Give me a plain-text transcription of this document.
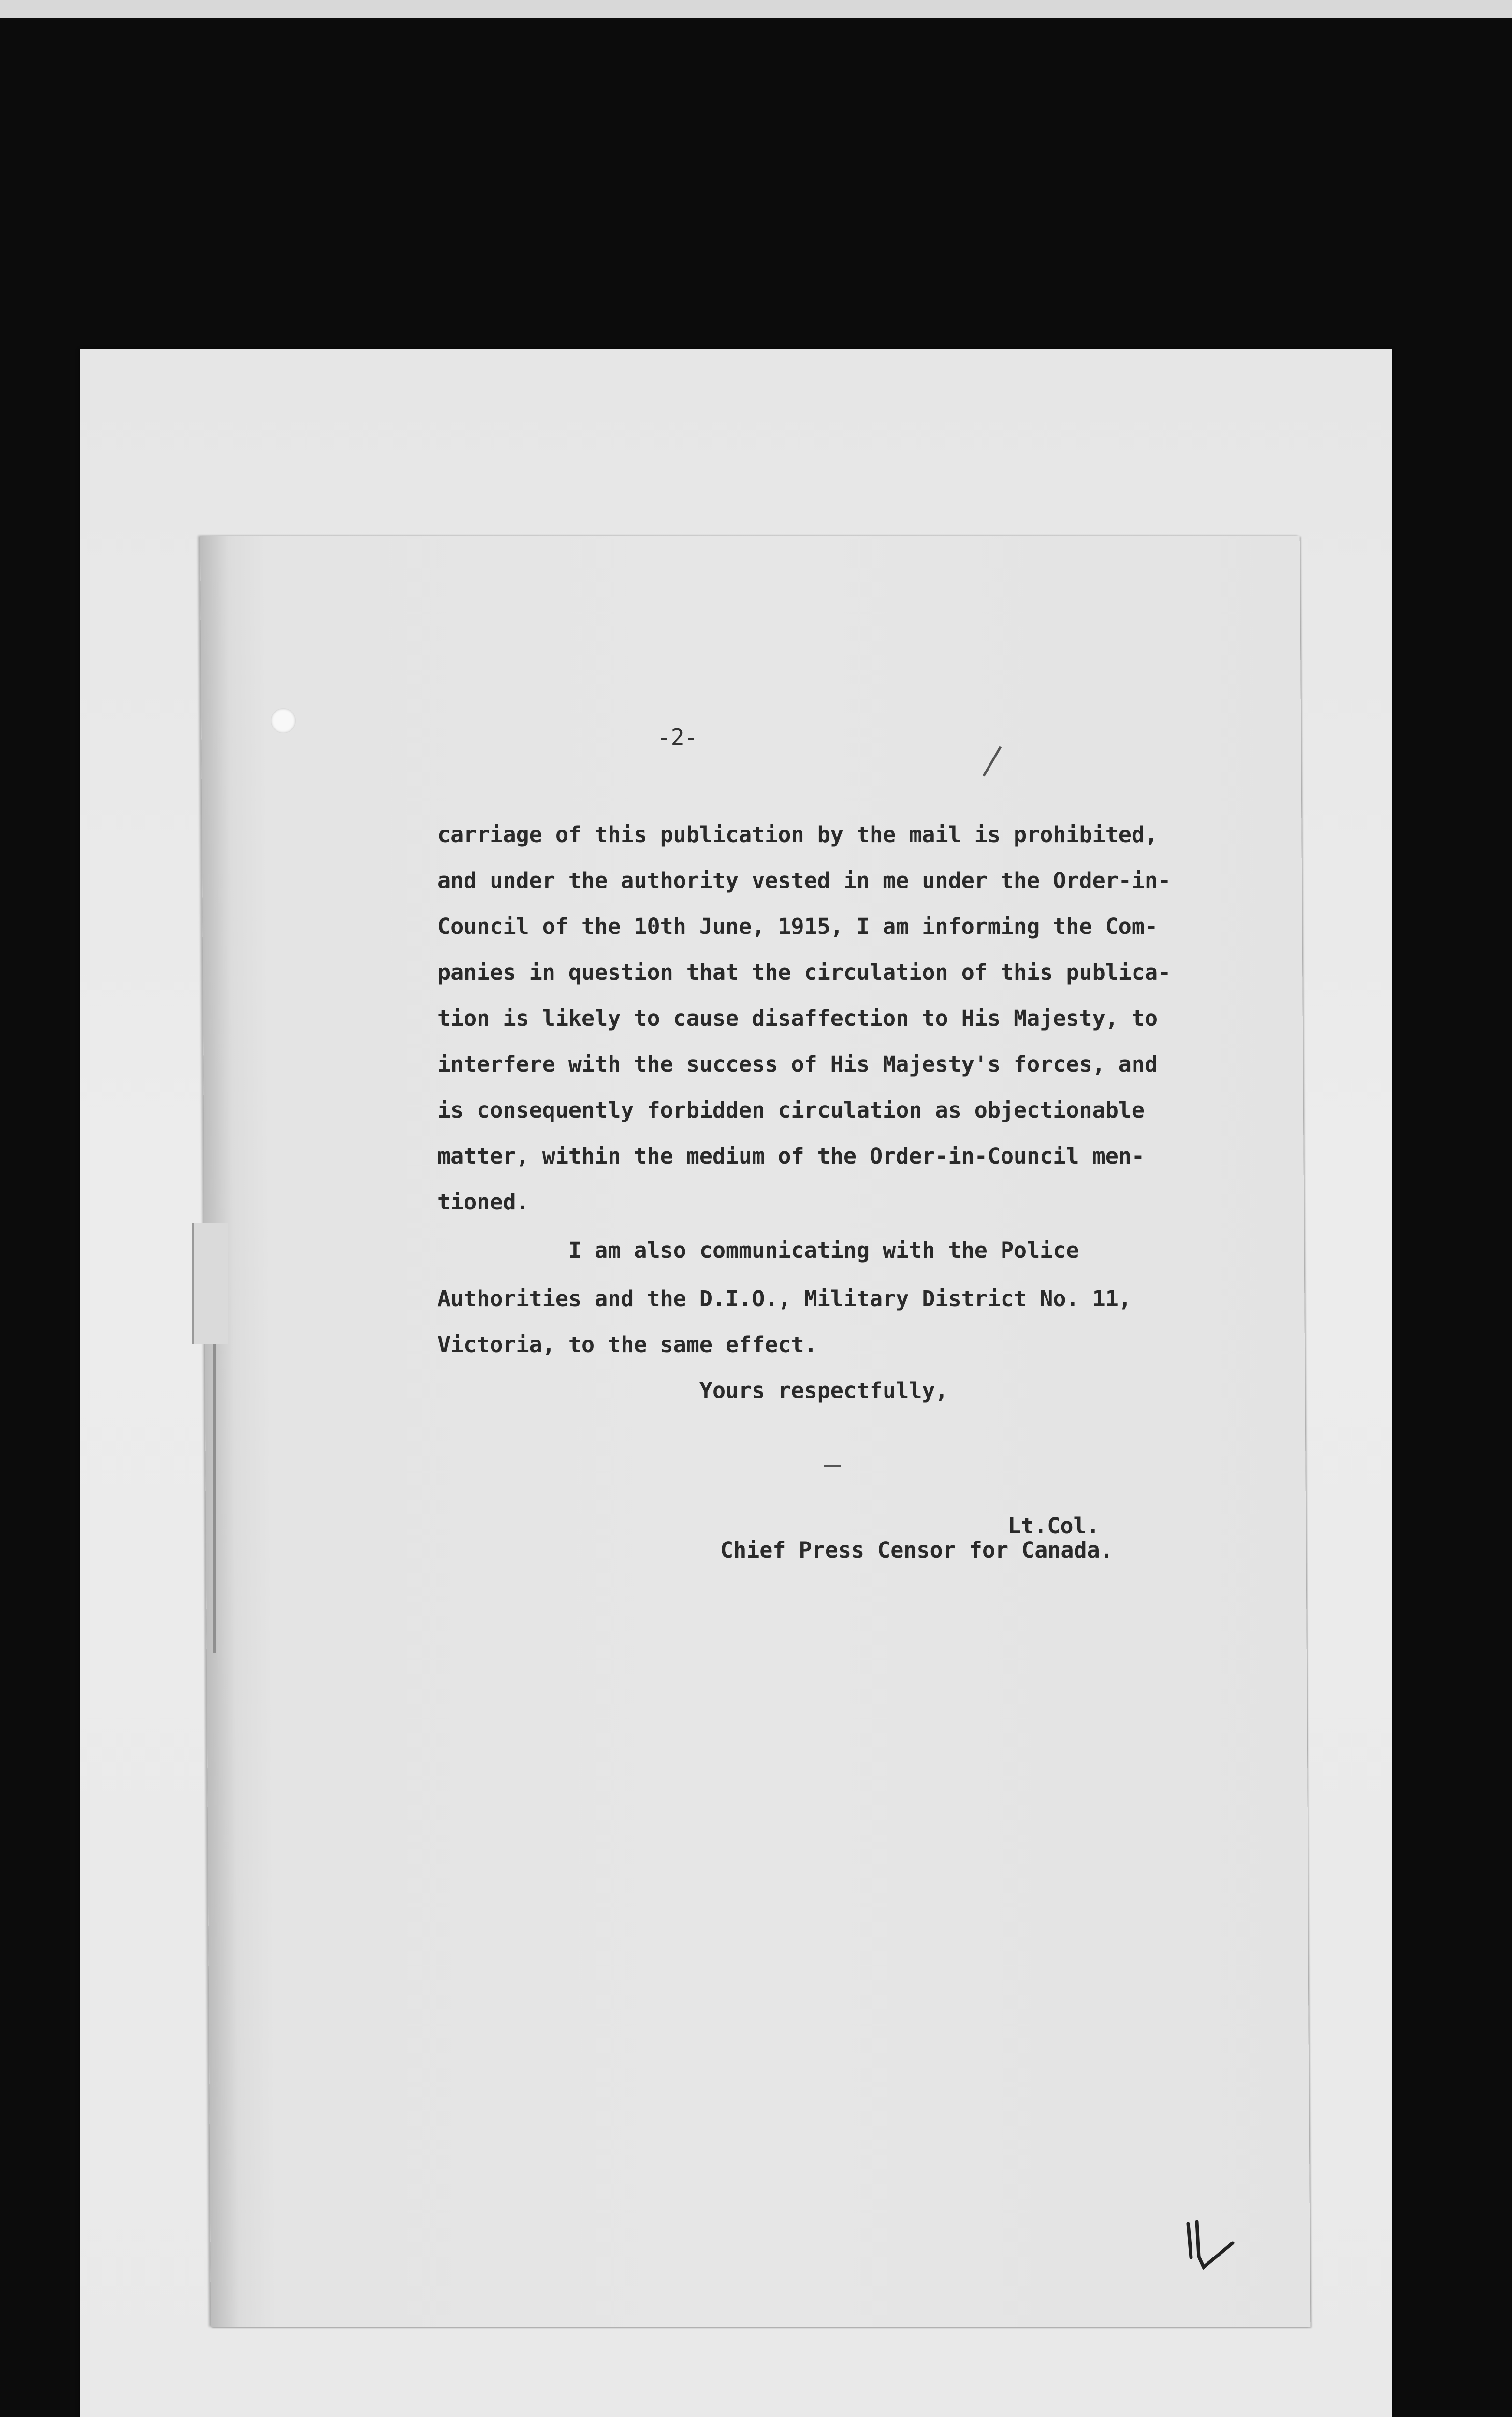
-2-
carriage of this publication by the mail is prohibited,
and under the authority vested in me under the Order-in-
Council of the 10th June, 1915, I am informing the Com-
panies in question that the circulation of this publica-
tion is likely to cause disaffection to His Majesty, to
interfere with the success of His Majesty's forces, and
is consequently forbidden circulation as objectionable
matter, within the medium of the Order-in-Council men-
tioned.
I am also communicating with the Police
Authorities and the D.I.O., Military District No. 11,
Victoria, to the same effect.
Yours respectfully,
Lt.Col.
Chief Press Censor for Canada.
